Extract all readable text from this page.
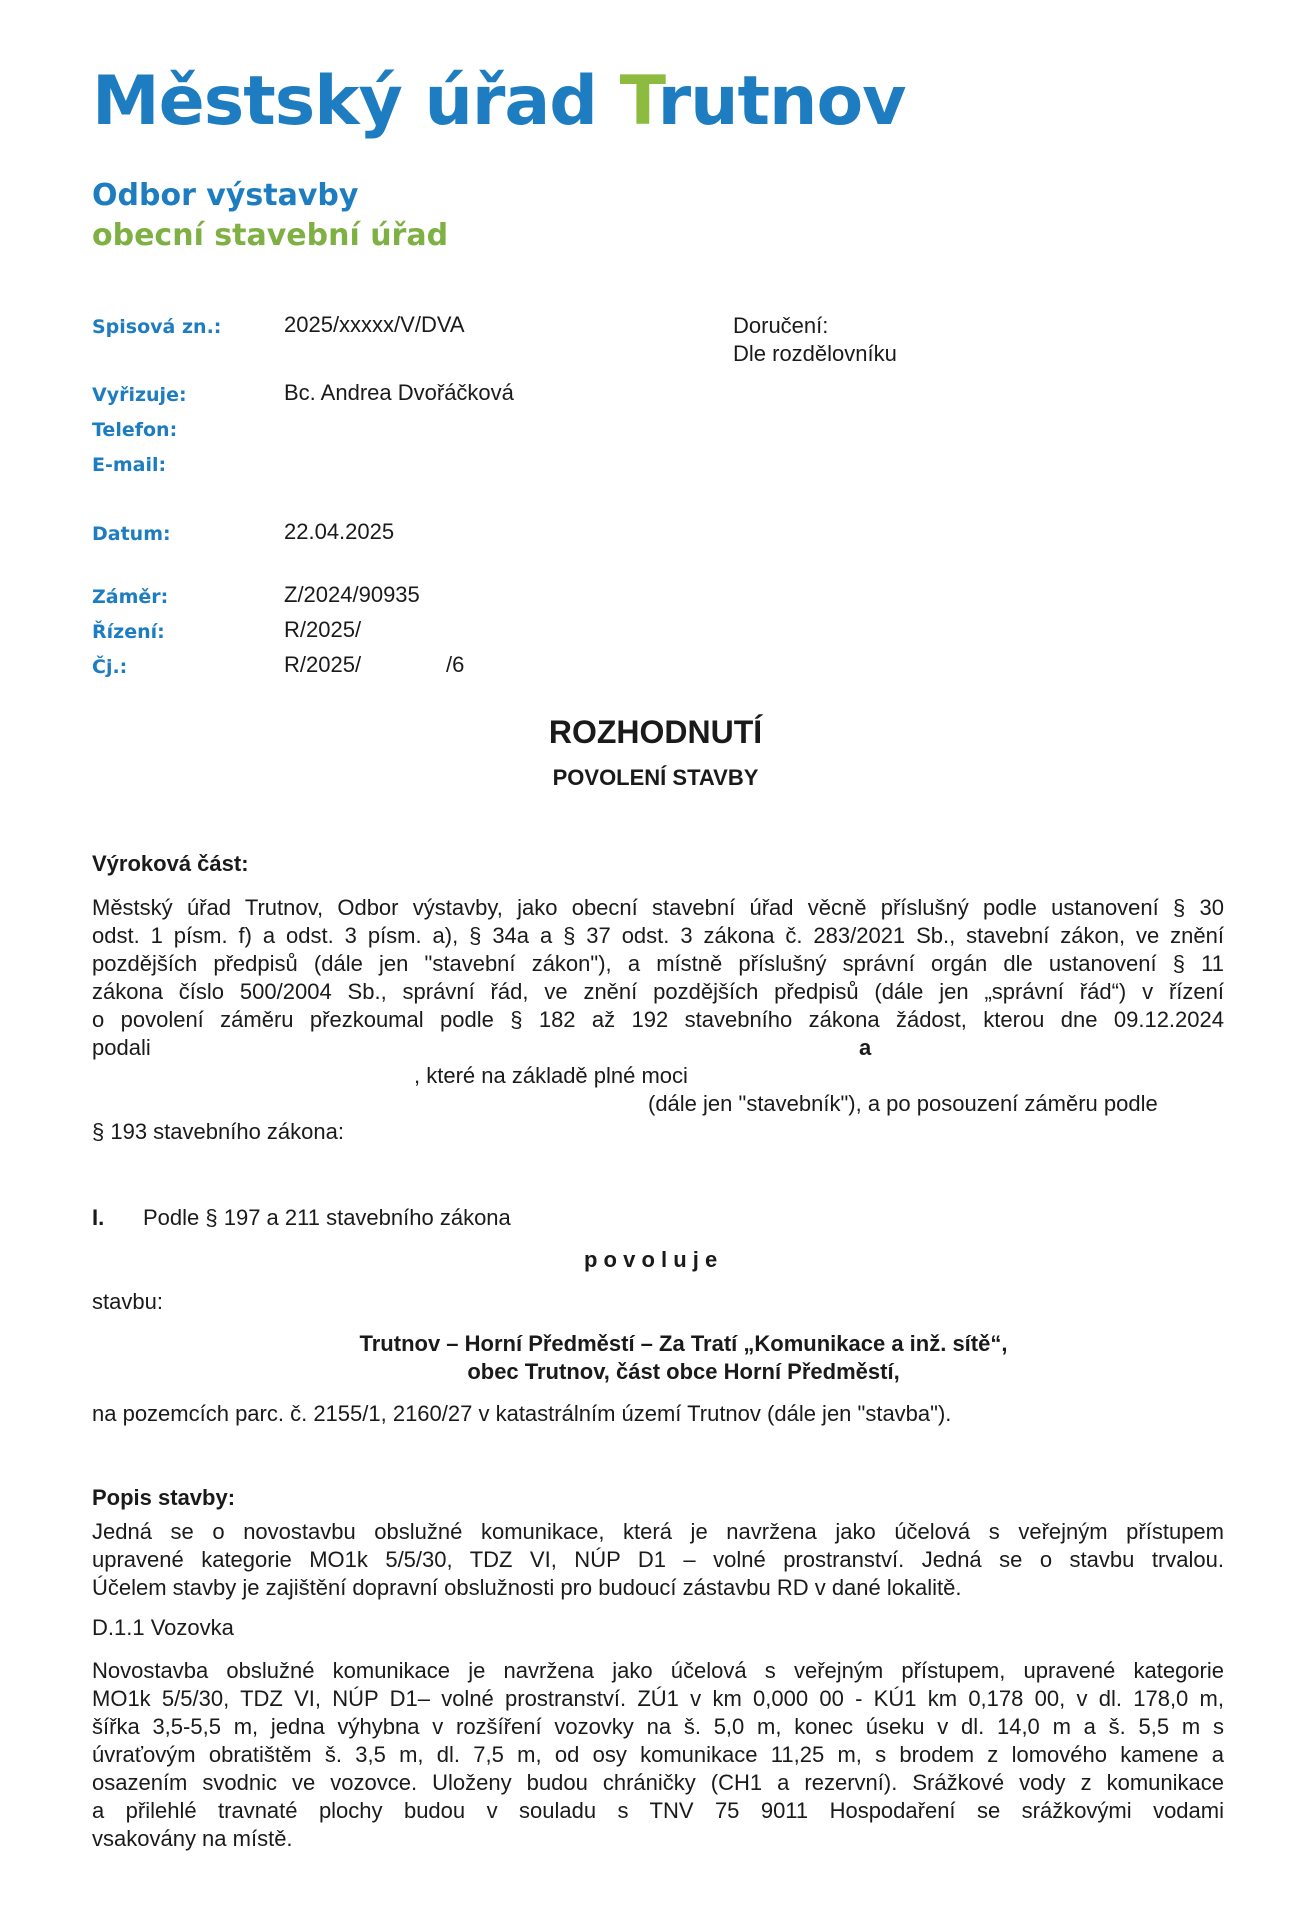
Městský úřad Trutnov
Odbor výstavby
obecní stavební úřad
Spisová zn.:	2025/xxxxx/V/DVA
Vyřizuje:	Bc. Andrea Dvořáčková
Telefon:
E-mail:
Datum:	22.04.2025
Záměr:	Z/2024/90935
Řízení:	R/2025/
Čj.:	R/2025/	/6
Doručení:
Dle rozdělovníku
ROZHODNUTÍ
POVOLENÍ STAVBY
Výroková část:
Městský úřad Trutnov, Odbor výstavby, jako obecní stavební úřad věcně příslušný podle ustanovení § 30
odst. 1 písm. f) a odst. 3 písm. a), § 34a a § 37 odst. 3 zákona č. 283/2021 Sb., stavební zákon, ve znění
pozdějších předpisů (dále jen "stavební zákon"), a místně příslušný správní orgán dle ustanovení § 11
zákona číslo 500/2004 Sb., správní řád, ve znění pozdějších předpisů (dále jen „správní řád“) v řízení
o povolení záměru přezkoumal podle § 182 až 192 stavebního zákona žádost, kterou dne 09.12.2024
podali	a
, které na základě plné moci
(dále jen "stavebník"), a po posouzení záměru podle
§ 193 stavebního zákona:
I. Podle § 197 a 211 stavebního zákona
p o v o l u j e
stavbu:
Trutnov – Horní Předměstí – Za Tratí „Komunikace a inž. sítě“,
obec Trutnov, část obce Horní Předměstí,
na pozemcích parc. č. 2155/1, 2160/27 v katastrálním území Trutnov (dále jen "stavba").
Popis stavby:
Jedná se o novostavbu obslužné komunikace, která je navržena jako účelová s veřejným přístupem
upravené kategorie MO1k 5/5/30, TDZ VI, NÚP D1 – volné prostranství. Jedná se o stavbu trvalou.
Účelem stavby je zajištění dopravní obslužnosti pro budoucí zástavbu RD v dané lokalitě.
D.1.1 Vozovka
Novostavba obslužné komunikace je navržena jako účelová s veřejným přístupem, upravené kategorie
MO1k 5/5/30, TDZ VI, NÚP D1– volné prostranství. ZÚ1 v km 0,000 00 - KÚ1 km 0,178 00, v dl. 178,0 m,
šířka 3,5-5,5 m, jedna výhybna v rozšíření vozovky na š. 5,0 m, konec úseku v dl. 14,0 m a š. 5,5 m s
úvraťovým obratištěm š. 3,5 m, dl. 7,5 m, od osy komunikace 11,25 m, s brodem z lomového kamene a
osazením svodnic ve vozovce. Uloženy budou chráničky (CH1 a rezervní). Srážkové vody z komunikace
a přilehlé travnaté plochy budou v souladu s TNV 75 9011 Hospodaření se srážkovými vodami
vsakovány na místě.
